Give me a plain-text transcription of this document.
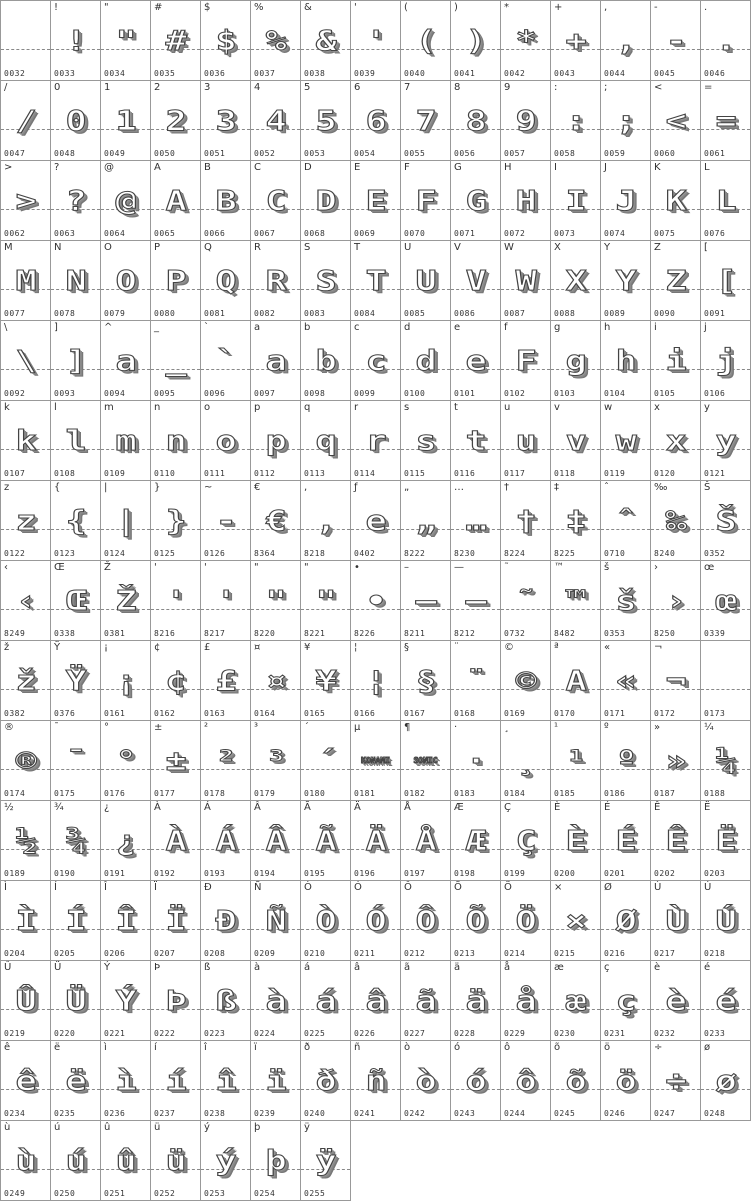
0032
!
!
0033
"
"
0034
#
#
0035
$
$
0036
%
%
0037
&
&
0038
'
'
0039
(
(
0040
)
)
0041
*
*
0042
+
+
0043
,
,
0044
-
-
0045
.
.
0046
/
/
0047
0
0
0048
1
1
0049
2
2
0050
3
3
0051
4
4
0052
5
5
0053
6
6
0054
7
7
0055
8
8
0056
9
9
0057
:
:
0058
;
;
0059
<
<
0060
=
=
0061
>
>
0062
?
?
0063
@
@
0064
A
A
0065
B
B
0066
C
C
0067
D
D
0068
E
E
0069
F
F
0070
G
G
0071
H
H
0072
I
I
0073
J
J
0074
K
K
0075
L
L
0076
M
M
0077
N
N
0078
O
O
0079
P
P
0080
Q
Q
0081
R
R
0082
S
S
0083
T
T
0084
U
U
0085
V
V
0086
W
W
0087
X
X
0088
Y
Y
0089
Z
Z
0090
[
[
0091
\
\
0092
]
]
0093
^
a
0094
_
_
0095
`
`
0096
a
a
0097
b
b
0098
c
c
0099
d
d
0100
e
e
0101
f
F
0102
g
g
0103
h
h
0104
i
i
0105
j
j
0106
k
k
0107
l
l
0108
m
m
0109
n
n
0110
o
o
0111
p
p
0112
q
q
0113
r
r
0114
s
s
0115
t
t
0116
u
u
0117
v
v
0118
w
w
0119
x
x
0120
y
y
0121
z
z
0122
{
{
0123
|
|
0124
}
}
0125
~
-
0126
€
€
8364
,
,
8218
ƒ
e
0402
„
„
8222
…
…
8230
†
†
8224
‡
‡
8225
ˆ
ˆ
0710
‰
‰
8240
Š
Š
0352
‹
‹
8249
Œ
Œ
0338
Ž
Ž
0381
'
'
8216
'
'
8217
"
"
8220
"
"
8221
•
•
8226
–
–
8211
—
—
8212
˜
˜
0732
™
™
8482
š
š
0353
›
›
8250
œ
œ
0339
ž
ž
0382
Ÿ
Ÿ
0376
¡
¡
0161
¢
¢
0162
£
£
0163
¤
¤
0164
¥
¥
0165
¦
¦
0166
§
§
0167
¨
¨
0168
©
©
0169
ª
A
0170
«
«
0171
¬
¬
0172	0173
®
®
0174
¯
¯
0175
°
°
0176
±
±
0177
²
²
0178
³
³
0179
´
´
0180
µ
KONAMI
0181
¶
SONIC
0182
·
·
0183
¸
¸
0184
¹
¹
0185
º
º
0186
»
»
0187
¼
¼
0188
½
½
0189
¾
¾
0190
¿
¿
0191
À
À
0192
Á
Á
0193
Â
Â
0194
Ã
Ã
0195
Ä
Ä
0196
Å
Å
0197
Æ
Æ
0198
Ç
Ç
0199
È
È
0200
É
É
0201
Ê
Ê
0202
Ë
Ë
0203
Ì
Ì
0204
Í
Í
0205
Î
Î
0206
Ï
Ï
0207
Ð
Ð
0208
Ñ
Ñ
0209
Ò
Ò
0210
Ó
Ó
0211
Ô
Ô
0212
Õ
Õ
0213
Ö
Ö
0214
×
×
0215
Ø
Ø
0216
Ù
Ù
0217
Ú
Ú
0218
Û
Û
0219
Ü
Ü
0220
Ý
Ý
0221
Þ
Þ
0222
ß
ß
0223
à
à
0224
á
á
0225
â
â
0226
ã
ã
0227
ä
ä
0228
å
å
0229
æ
æ
0230
ç
ç
0231
è
è
0232
é
é
0233
ê
ê
0234
ë
ë
0235
ì
ì
0236
í
í
0237
î
î
0238
ï
ï
0239
ð
ð
0240
ñ
ñ
0241
ò
ò
0242
ó
ó
0243
ô
ô
0244
õ
õ
0245
ö
ö
0246
÷
÷
0247
ø
ø
0248
ù
ù
0249
ú
ú
0250
û
û
0251
ü
ü
0252
ý
ý
0253
þ
þ
0254
ÿ
ÿ
0255
